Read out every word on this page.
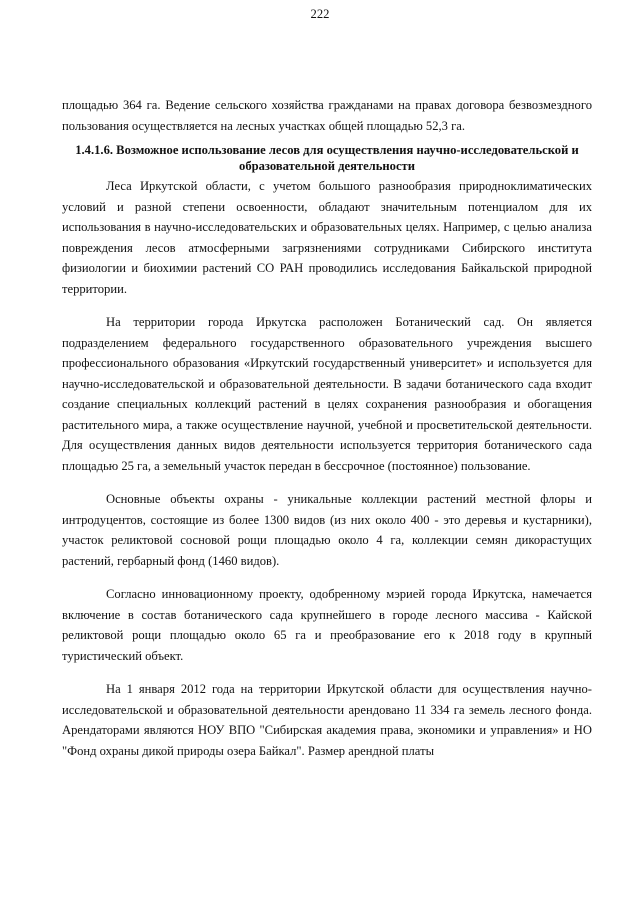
222

площадью 364 га. Ведение сельского хозяйства гражданами на правах договора безвозмездного пользования осуществляется на лесных участках общей площадью 52,3 га.

1.4.1.6. Возможное использование лесов для осуществления научно-исследовательской и образовательной деятельности

Леса Иркутской области, с учетом большого разнообразия природноклиматических условий и разной степени освоенности, обладают значительным потенциалом для их использования в научно-исследовательских и образовательных целях. Например, с целью анализа повреждения лесов атмосферными загрязнениями сотрудниками Сибирского института физиологии и биохимии растений СО РАН проводились исследования Байкальской природной территории.

На территории города Иркутска расположен Ботанический сад. Он является подразделением федерального государственного образовательного учреждения высшего профессионального образования «Иркутский государственный университет» и используется для научно-исследовательской и образовательной деятельности. В задачи ботанического сада входит создание специальных коллекций растений в целях сохранения разнообразия и обогащения растительного мира, а также осуществление научной, учебной и просветительской деятельности. Для осуществления данных видов деятельности используется территория ботанического сада площадью 25 га, а земельный участок передан в бессрочное (постоянное) пользование.

Основные объекты охраны - уникальные коллекции растений местной флоры и интродуцентов, состоящие из более 1300 видов (из них около 400 - это деревья и кустарники), участок реликтовой сосновой рощи площадью около 4 га, коллекции семян дикорастущих растений, гербарный фонд (1460 видов).

Согласно инновационному проекту, одобренному мэрией города Иркутска, намечается включение в состав ботанического сада крупнейшего в городе лесного массива - Кайской реликтовой рощи площадью около 65 га и преобразование его к 2018 году в крупный туристический объект.

На 1 января 2012 года на территории Иркутской области для осуществления научно-исследовательской и образовательной деятельности арендовано 11 334 га земель лесного фонда. Арендаторами являются НОУ ВПО "Сибирская академия права, экономики и управления» и НО "Фонд охраны дикой природы озера Байкал". Размер арендной платы
